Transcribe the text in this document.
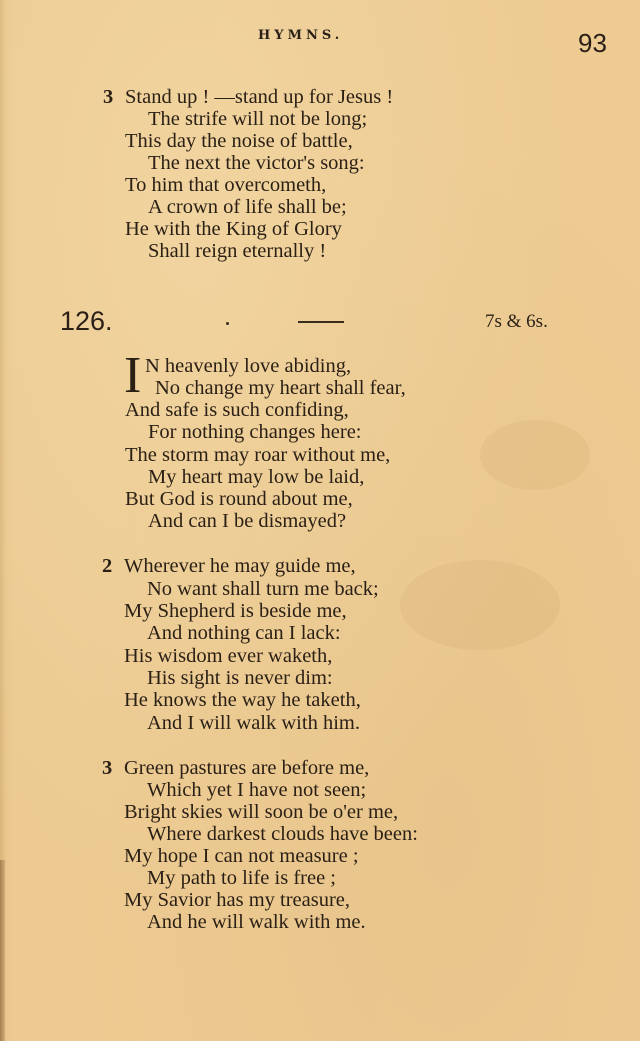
HYMNS.	93
3 Stand up ! —stand up for Jesus !
The strife will not be long;
This day the noise of battle,
The next the victor's song:
To him that overcometh,
A crown of life shall be;
He with the King of Glory
Shall reign eternally !
126.	7s & 6s.
I N heavenly love abiding,
No change my heart shall fear,
And safe is such confiding,
For nothing changes here:
The storm may roar without me,
My heart may low be laid,
But God is round about me,
And can I be dismayed?
2 Wherever he may guide me,
No want shall turn me back;
My Shepherd is beside me,
And nothing can I lack:
His wisdom ever waketh,
His sight is never dim:
He knows the way he taketh,
And I will walk with him.
3 Green pastures are before me,
Which yet I have not seen;
Bright skies will soon be o'er me,
Where darkest clouds have been:
My hope I can not measure ;
My path to life is free ;
My Savior has my treasure,
And he will walk with me.
